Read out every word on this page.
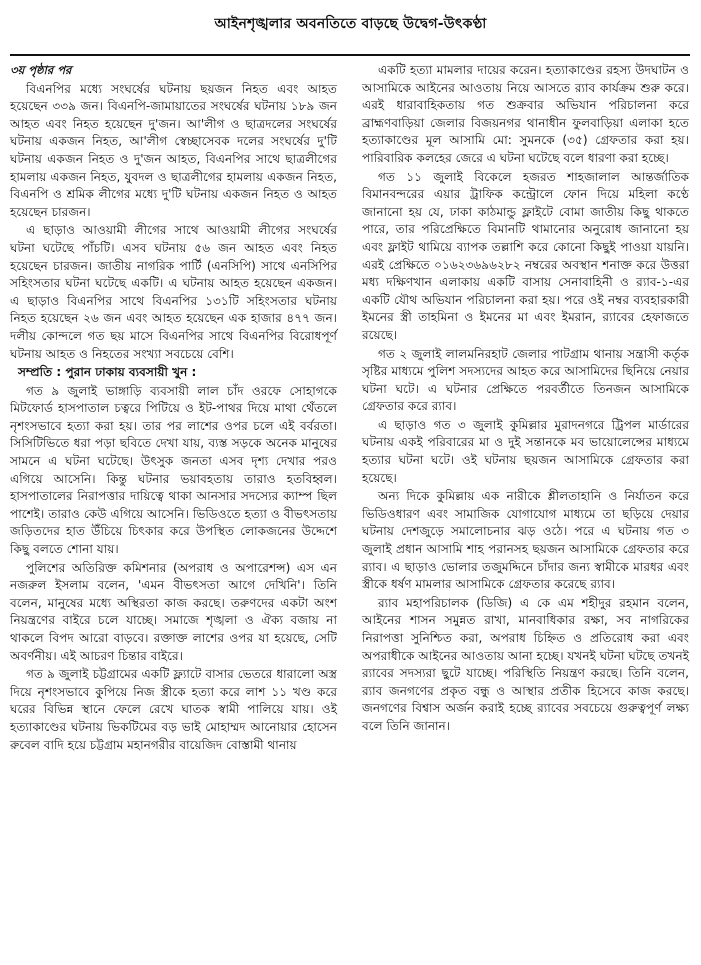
আইনশৃঙ্খলার অবনতিতে বাড়ছে উদ্বেগ-উৎকণ্ঠা
৩য় পৃষ্ঠার পর

বিএনপির মধ্যে সংঘর্ষের ঘটনায় ছয়জন নিহত এবং আহত হয়েছেন ৩৩৯ জন। বিএনপি-জামায়াতের সংঘর্ষের ঘটনায় ১৮৯ জন আহত এবং নিহত হয়েছেন দু'জন। আ'লীগ ও ছাত্রদলের সংঘর্ষের ঘটনায় একজন নিহত, আ'লীগ স্বেচ্ছাসেবক দলের সংঘর্ষের দু'টি ঘটনায় একজন নিহত ও দু'জন আহত, বিএনপির সাথে ছাত্রলীগের হামলায় একজন নিহত, যুবদল ও ছাত্রলীগের হামলায় একজন নিহত, বিএনপি ও শ্রমিক লীগের মধ্যে দু'টি ঘটনায় একজন নিহত ও আহত হয়েছেন চারজন।

এ ছাড়াও আওয়ামী লীগের সাথে আওয়ামী লীগের সংঘর্ষের ঘটনা ঘটেছে পাঁচটি। এসব ঘটনায় ৫৬ জন আহত এবং নিহত হয়েছেন চারজন। জাতীয় নাগরিক পার্টি (এনসিপি) সাথে এনসিপির সহিংসতার ঘটনা ঘটেছে একটি। এ ঘটনায় আহত হয়েছেন একজন। এ ছাড়াও বিএনপির সাথে বিএনপির ১৩১টি সহিংসতার ঘটনায় নিহত হয়েছেন ২৬ জন এবং আহত হয়েছেন এক হাজার ৪৭৭ জন। দলীয় কোন্দলে গত ছয় মাসে বিএনপির সাথে বিএনপির বিরোধপূর্ণ ঘটনায় আহত ও নিহতের সংখ্যা সবচেয়ে বেশি।

সম্প্রতি : পুরান ঢাকায় ব্যবসায়ী খুন :

গত ৯ জুলাই ভাঙ্গাড়ি ব্যবসায়ী লাল চাঁদ ওরফে সোহাগকে মিটফোর্ড হাসপাতাল চত্বরে পিটিয়ে ও ইট-পাথর দিয়ে মাথা থেঁতলে নৃশংসভাবে হত্যা করা হয়। তার পর লাশের ওপর চলে এই বর্বরতা। সিসিটিভিতে ধরা পড়া ছবিতে দেখা যায়, ব্যস্ত সড়কে অনেক মানুষের সামনে এ ঘটনা ঘটেছে। উৎসুক জনতা এসব দৃশ্য দেখার পরও এগিয়ে আসেনি। কিন্তু ঘটনার ভয়াবহতায় তারাও হতবিহ্বল। হাসপাতালের নিরাপত্তার দায়িত্বে থাকা আনসার সদস্যের ক্যাম্প ছিল পাশেই। তারাও কেউ এগিয়ে আসেনি। ভিডিওতে হত্যা ও বীভৎসতায় জড়িতদের হাত উঁচিয়ে চিৎকার করে উপস্থিত লোকজনের উদ্দেশে কিছু বলতে শোনা যায়।

পুলিশের অতিরিক্ত কমিশনার (অপরাধ ও অপারেশন্স) এস এন নজরুল ইসলাম বলেন, 'এমন বীভৎসতা আগে দেখিনি'। তিনি বলেন, মানুষের মধ্যে অস্থিরতা কাজ করছে। তরুণদের একটা অংশ নিয়ন্ত্রণের বাইরে চলে যাচ্ছে। সমাজে শৃঙ্খলা ও ঐক্য বজায় না থাকলে বিপদ আরো বাড়বে। রক্তাক্ত লাশের ওপর যা হয়েছে, সেটি অবর্ণনীয়। এই আচরণ চিন্তার বাইরে।

গত ৯ জুলাই চট্টগ্রামের একটি ফ্ল্যাটে বাসার ভেতরে ধারালো অস্ত্র দিয়ে নৃশংসভাবে কুপিয়ে নিজ স্ত্রীকে হত্যা করে লাশ ১১ খণ্ড করে ঘরের বিভিন্ন স্থানে ফেলে রেখে ঘাতক স্বামী পালিয়ে যায়। ওই হত্যাকাণ্ডের ঘটনায় ভিকটিমের বড় ভাই মোহাম্মদ আনোয়ার হোসেন রুবেল বাদি হয়ে চট্টগ্রাম মহানগরীর বায়েজিদ বোস্তামী থানায়

একটি হত্যা মামলার দায়ের করেন। হত্যাকাণ্ডের রহস্য উদঘাটন ও আসামিকে আইনের আওতায় নিয়ে আসতে র‍্যাব কার্যক্রম শুরু করে। এরই ধারাবাহিকতায় গত শুক্রবার অভিযান পরিচালনা করে ব্রাহ্মণবাড়িয়া জেলার বিজয়নগর থানাধীন ফুলবাড়িয়া এলাকা হতে হত্যাকাণ্ডের মূল আসামি মো: সুমনকে (৩৫) গ্রেফতার করা হয়। পারিবারিক কলহের জেরে এ ঘটনা ঘটেছে বলে ধারণা করা হচ্ছে।

গত ১১ জুলাই বিকেলে হজরত শাহজালাল আন্তর্জাতিক বিমানবন্দরের এয়ার ট্রাফিক কন্ট্রোলে ফোন দিয়ে মহিলা কণ্ঠে জানানো হয় যে, ঢাকা কাঠমান্ডু ফ্লাইটে বোমা জাতীয় কিছু থাকতে পারে, তার পরিপ্রেক্ষিতে বিমানটি থামানোর অনুরোধ জানানো হয় এবং ফ্লাইট থামিয়ে ব্যাপক তল্লাশি করে কোনো কিছুই পাওয়া যায়নি। এরই প্রেক্ষিতে ০১৬২৩৬৯৬২৮২ নম্বরের অবস্থান শনাক্ত করে উত্তরা মধ্য দক্ষিণখান এলাকায় একটি বাসায় সেনাবাহিনী ও র‍্যাব-১-এর একটি যৌথ অভিযান পরিচালনা করা হয়। পরে ওই নম্বর ব্যবহারকারী ইমনের স্ত্রী তাহমিনা ও ইমনের মা এবং ইমরান, র‍্যাবের হেফাজতে রয়েছে।

গত ২ জুলাই লালমনিরহাট জেলার পাটগ্রাম থানায় সন্ত্রাসী কর্তৃক সৃষ্টির মাধ্যমে পুলিশ সদস্যদের আহত করে আসামিদের ছিনিয়ে নেয়ার ঘটনা ঘটে। এ ঘটনার প্রেক্ষিতে পরবর্তীতে তিনজন আসামিকে গ্রেফতার করে র‍্যাব।

এ ছাড়াও গত ৩ জুলাই কুমিল্লার মুরাদনগরে ট্রিপল মার্ডারের ঘটনায় একই পরিবারের মা ও দুই সন্তানকে মব ভায়োলেন্সের মাধ্যমে হত্যার ঘটনা ঘটে। ওই ঘটনায় ছয়জন আসামিকে গ্রেফতার করা হয়েছে।

অন্য দিকে কুমিল্লায় এক নারীকে শ্লীলতাহানি ও নির্যাতন করে ভিডিওধারণ এবং সামাজিক যোগাযোগ মাধ্যমে তা ছড়িয়ে দেয়ার ঘটনায় দেশজুড়ে সমালোচনার ঝড় ওঠে। পরে এ ঘটনায় গত ৩ জুলাই প্রধান আসামি শাহ পরানসহ ছয়জন আসামিকে গ্রেফতার করে র‍্যাব। এ ছাড়াও ভোলার তজুমদ্দিনে চাঁদার জন্য স্বামীকে মারধর এবং স্ত্রীকে ধর্ষণ মামলার আসামিকে গ্রেফতার করেছে র‍্যাব।

র‍্যাব মহাপরিচালক (ডিজি) এ কে এম শহীদুর রহমান বলেন, আইনের শাসন সমুন্নত রাখা, মানবাধিকার রক্ষা, সব নাগরিকের নিরাপত্তা সুনিশ্চিত করা, অপরাধ চিহ্নিত ও প্রতিরোধ করা এবং অপরাধীকে আইনের আওতায় আনা হচ্ছে। যখনই ঘটনা ঘটছে তখনই র‍্যাবের সদস্যরা ছুটে যাচ্ছে। পরিস্থিতি নিয়ন্ত্রণ করছে। তিনি বলেন, র‍্যাব জনগণের প্রকৃত বন্ধু ও আস্থার প্রতীক হিসেবে কাজ করছে। জনগণের বিশ্বাস অর্জন করাই হচ্ছে র‍্যাবের সবচেয়ে গুরুত্বপূর্ণ লক্ষ্য বলে তিনি জানান।
